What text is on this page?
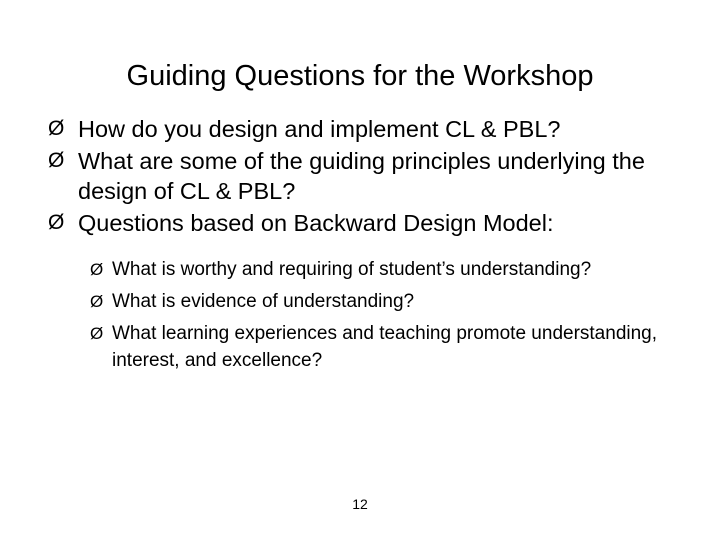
Guiding Questions for the Workshop
Ø How do you design and implement CL & PBL?
Ø What are some of the guiding principles underlying the design of CL & PBL?
Ø Questions based on Backward Design Model:
Ø What is worthy and requiring of student’s understanding?
Ø What is evidence of understanding?
Ø What learning experiences and teaching promote understanding, interest, and excellence?
12
